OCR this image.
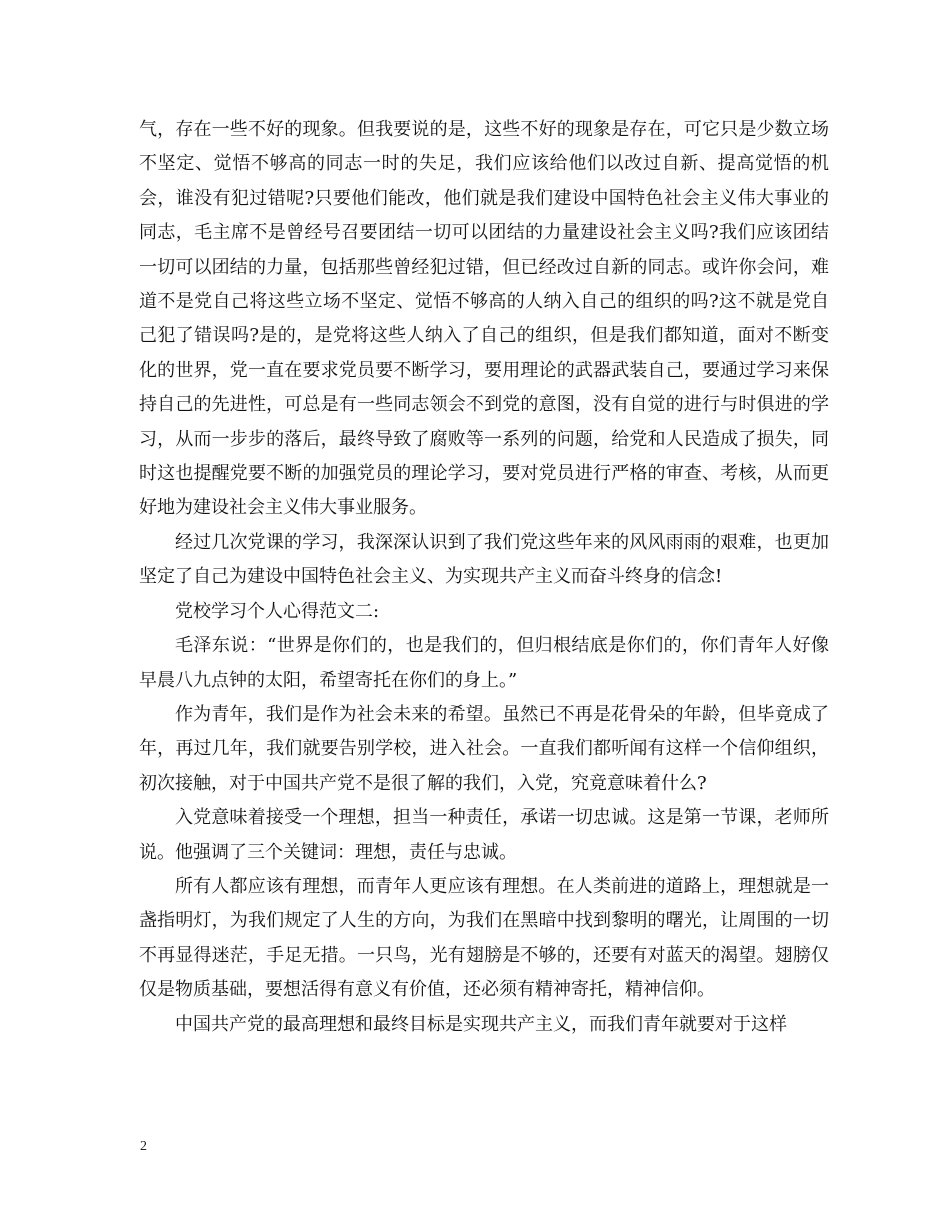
气，存在一些不好的现象。但我要说的是，这些不好的现象是存在，可它只是少数立场不坚定、觉悟不够高的同志一时的失足，我们应该给他们以改过自新、提高觉悟的机会，谁没有犯过错呢?只要他们能改，他们就是我们建设中国特色社会主义伟大事业的同志，毛主席不是曾经号召要团结一切可以团结的力量建设社会主义吗?我们应该团结一切可以团结的力量，包括那些曾经犯过错，但已经改过自新的同志。或许你会问，难道不是党自己将这些立场不坚定、觉悟不够高的人纳入自己的组织的吗?这不就是党自己犯了错误吗?是的，是党将这些人纳入了自己的组织，但是我们都知道，面对不断变化的世界，党一直在要求党员要不断学习，要用理论的武器武装自己，要通过学习来保持自己的先进性，可总是有一些同志领会不到党的意图，没有自觉的进行与时俱进的学习，从而一步步的落后，最终导致了腐败等一系列的问题，给党和人民造成了损失，同时这也提醒党要不断的加强党员的理论学习，要对党员进行严格的审查、考核，从而更好地为建设社会主义伟大事业服务。

经过几次党课的学习，我深深认识到了我们党这些年来的风风雨雨的艰难，也更加坚定了自己为建设中国特色社会主义、为实现共产主义而奋斗终身的信念!

党校学习个人心得范文二:

毛泽东说：“世界是你们的，也是我们的，但归根结底是你们的，你们青年人好像早晨八九点钟的太阳，希望寄托在你们的身上。”

作为青年，我们是作为社会未来的希望。虽然已不再是花骨朵的年龄，但毕竟成了年，再过几年，我们就要告别学校，进入社会。一直我们都听闻有这样一个信仰组织，初次接触，对于中国共产党不是很了解的我们，入党，究竟意味着什么?

入党意味着接受一个理想，担当一种责任，承诺一切忠诚。这是第一节课，老师所说。他强调了三个关键词：理想，责任与忠诚。

所有人都应该有理想，而青年人更应该有理想。在人类前进的道路上，理想就是一盏指明灯，为我们规定了人生的方向，为我们在黑暗中找到黎明的曙光，让周围的一切不再显得迷茫，手足无措。一只鸟，光有翅膀是不够的，还要有对蓝天的渴望。翅膀仅仅是物质基础，要想活得有意义有价值，还必须有精神寄托，精神信仰。

中国共产党的最高理想和最终目标是实现共产主义，而我们青年就要对于这样

2
